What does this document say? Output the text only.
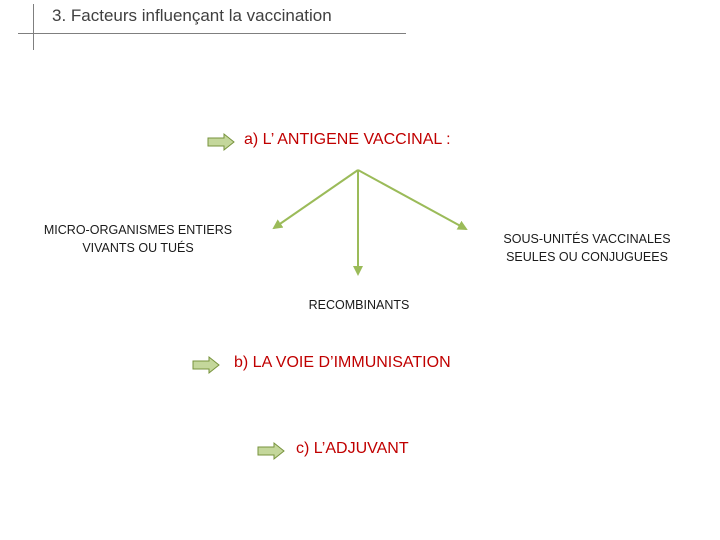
3. Facteurs influençant la vaccination
a) L’ ANTIGENE VACCINAL :
b) LA VOIE D’IMMUNISATION
c) L’ADJUVANT
MICRO-ORGANISMES ENTIERS
VIVANTS OU TUÉS
RECOMBINANTS
SOUS-UNITÉS VACCINALES
SEULES OU CONJUGUEES
